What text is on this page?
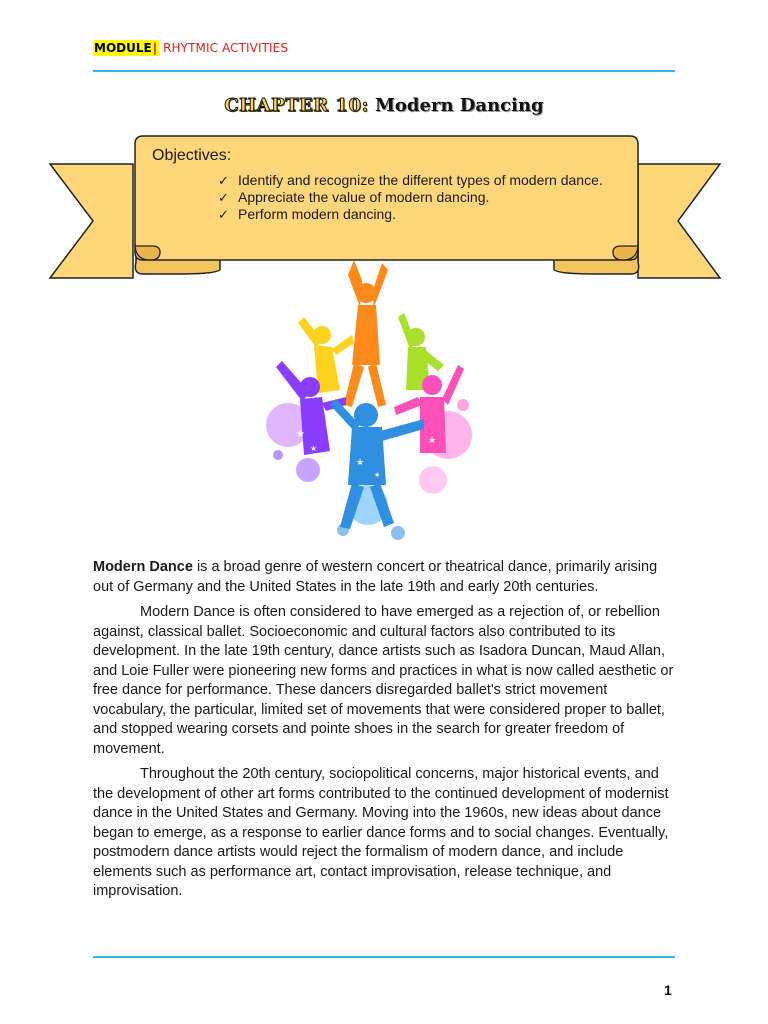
MODULE | RHYTMIC ACTIVITIES
CHAPTER 10: Modern Dancing
Objectives:
✓ Identify and recognize the different types of modern dance.
✓ Appreciate the value of modern dancing.
✓ Perform modern dancing.
★
★
★
★
★

Modern Dance is a broad genre of western concert or theatrical dance, primarily arising out of Germany and the United States in the late 19th and early 20th centuries.

Modern Dance is often considered to have emerged as a rejection of, or rebellion against, classical ballet. Socioeconomic and cultural factors also contributed to its development. In the late 19th century, dance artists such as Isadora Duncan, Maud Allan, and Loie Fuller were pioneering new forms and practices in what is now called aesthetic or free dance for performance. These dancers disregarded ballet's strict movement vocabulary, the particular, limited set of movements that were considered proper to ballet, and stopped wearing corsets and pointe shoes in the search for greater freedom of movement.

Throughout the 20th century, sociopolitical concerns, major historical events, and the development of other art forms contributed to the continued development of modernist dance in the United States and Germany. Moving into the 1960s, new ideas about dance began to emerge, as a response to earlier dance forms and to social changes. Eventually, postmodern dance artists would reject the formalism of modern dance, and include elements such as performance art, contact improvisation, release technique, and improvisation.

1
